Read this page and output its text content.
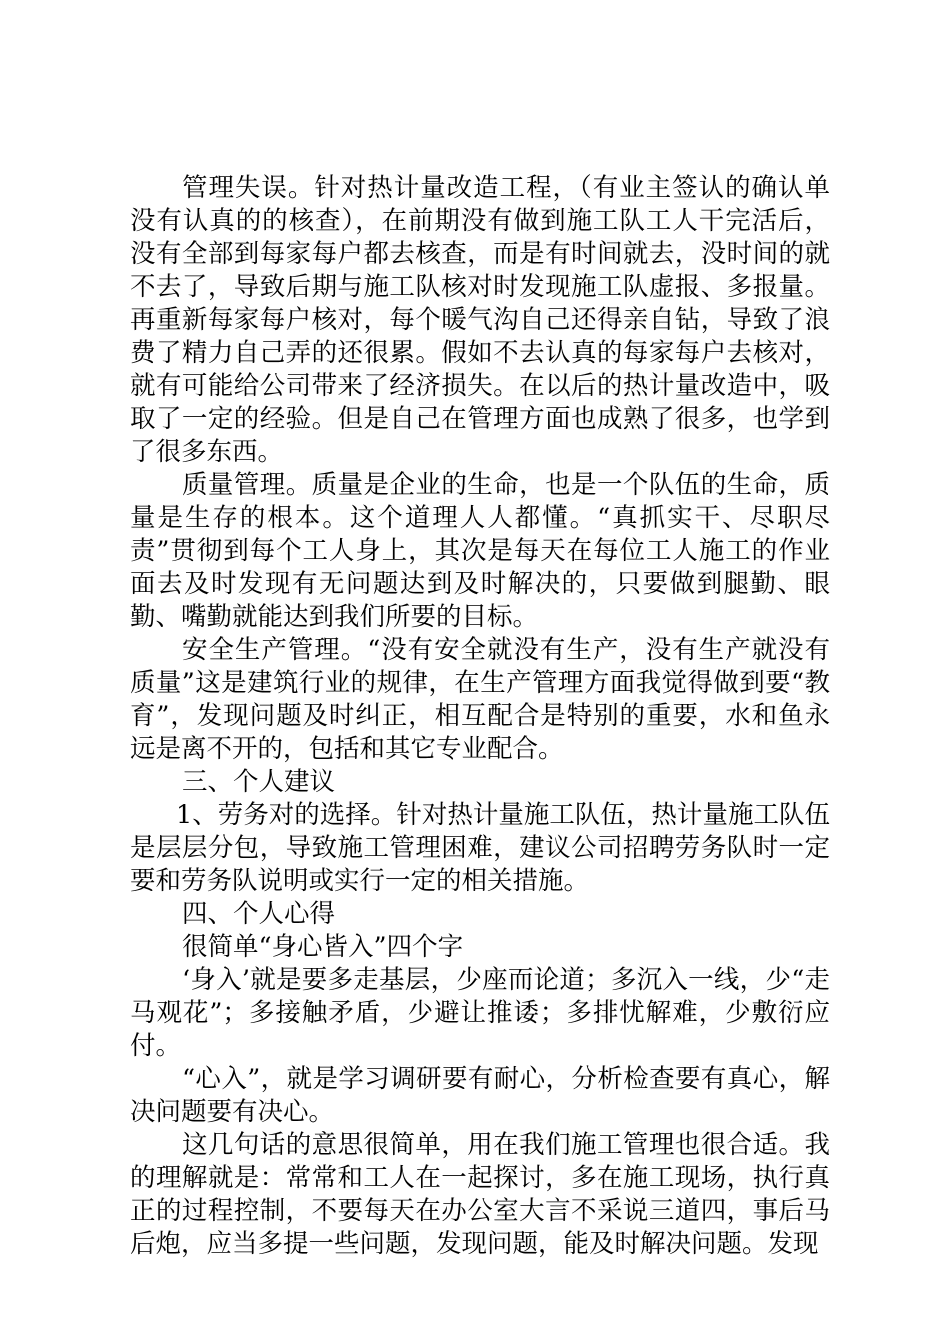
管理失误。针对热计量改造工程，（有业主签认的确认单没有认真的的核查），在前期没有做到施工队工人干完活后，没有全部到每家每户都去核查，而是有时间就去，没时间的就不去了，导致后期与施工队核对时发现施工队虚报、多报量。再重新每家每户核对，每个暖气沟自己还得亲自钻，导致了浪费了精力自己弄的还很累。假如不去认真的每家每户去核对，就有可能给公司带来了经济损失。在以后的热计量改造中，吸取了一定的经验。但是自己在管理方面也成熟了很多，也学到了很多东西。

质量管理。质量是企业的生命，也是一个队伍的生命，质量是生存的根本。这个道理人人都懂。“真抓实干、尽职尽责”贯彻到每个工人身上，其次是每天在每位工人施工的作业面去及时发现有无问题达到及时解决的，只要做到腿勤、眼勤、嘴勤就能达到我们所要的目标。

安全生产管理。“没有安全就没有生产，没有生产就没有质量”这是建筑行业的规律，在生产管理方面我觉得做到要“教育”，发现问题及时纠正，相互配合是特别的重要，水和鱼永远是离不开的，包括和其它专业配合。

三、个人建议

1、劳务对的选择。针对热计量施工队伍，热计量施工队伍是层层分包，导致施工管理困难，建议公司招聘劳务队时一定要和劳务队说明或实行一定的相关措施。

四、个人心得

很简单“身心皆入”四个字

‘身入’就是要多走基层，少座而论道；多沉入一线，少“走马观花”；多接触矛盾，少避让推诿；多排忧解难，少敷衍应付。

“心入”，就是学习调研要有耐心，分析检查要有真心，解决问题要有决心。

这几句话的意思很简单，用在我们施工管理也很合适。我的理解就是：常常和工人在一起探讨，多在施工现场，执行真正的过程控制，不要每天在办公室大言不采说三道四，事后马后炮，应当多提一些问题，发现问题，能及时解决问题。发现
